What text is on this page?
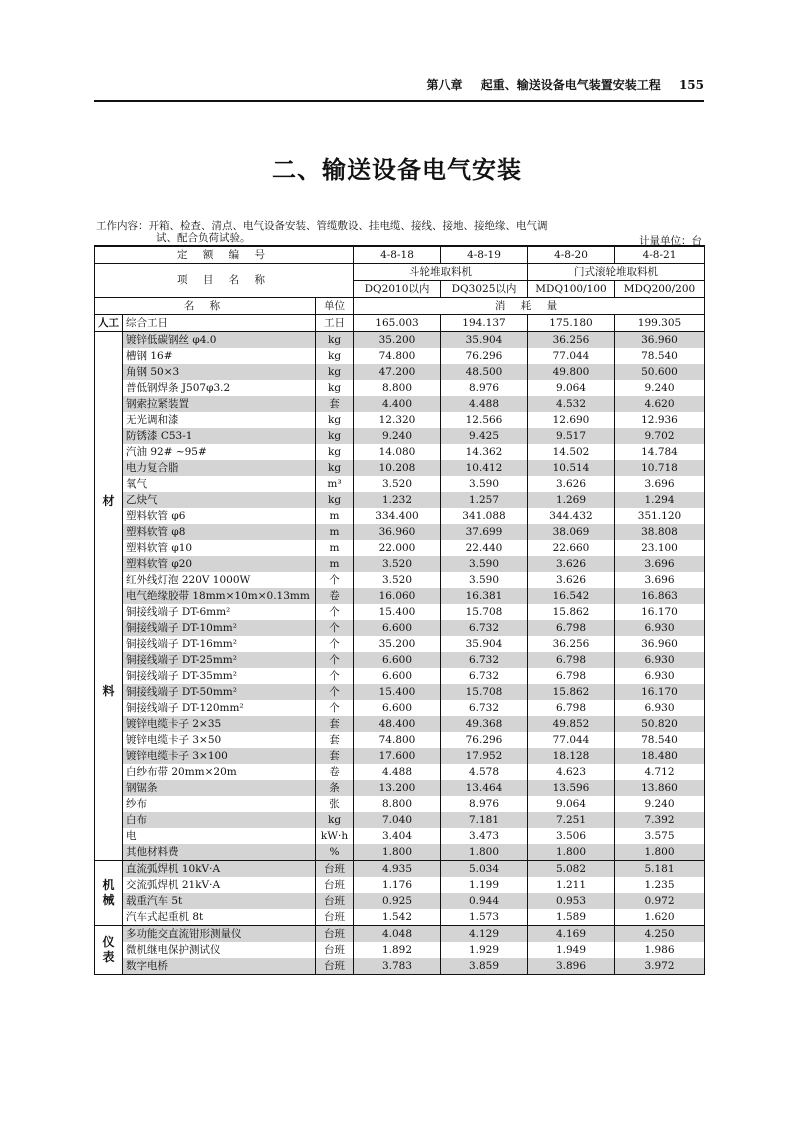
第八章 起重、输送设备电气装置安装工程 155
二、输送设备电气安装
工作内容：开箱、检查、清点、电气设备安装、管缆敷设、挂电缆、接线、接地、接绝缘、电气调
试、配合负荷试验。	计量单位：台
定 额 编 号			4-8-18	4-8-19	4-8-20	4-8-21
项 目 名 称			斗轮堆取料机		门式滚轮堆取料机	
			DQ2010以内	DQ3025以内	MDQ100/100	MDQ200/200
名 称		单位	消 耗 量			
人工	综合工日	工日	165.003	194.137	175.180	199.305

材
料	镀锌低碳钢丝 φ4.0	kg	35.200	35.904	36.256	36.960
	槽钢 16#	kg	74.800	76.296	77.044	78.540
	角钢 50×3	kg	47.200	48.500	49.800	50.600
	普低钢焊条 J507φ3.2	kg	8.800	8.976	9.064	9.240
	钢索拉紧装置	套	4.400	4.488	4.532	4.620
	无光调和漆	kg	12.320	12.566	12.690	12.936
	防锈漆 C53-1	kg	9.240	9.425	9.517	9.702
	汽油 92# ~95#	kg	14.080	14.362	14.502	14.784
	电力复合脂	kg	10.208	10.412	10.514	10.718
	氧气	m³	3.520	3.590	3.626	3.696
	乙炔气	kg	1.232	1.257	1.269	1.294
	塑料软管 φ6	m	334.400	341.088	344.432	351.120
	塑料软管 φ8	m	36.960	37.699	38.069	38.808
	塑料软管 φ10	m	22.000	22.440	22.660	23.100
	塑料软管 φ20	m	3.520	3.590	3.626	3.696
	红外线灯泡 220V 1000W	个	3.520	3.590	3.626	3.696
	电气绝缘胶带 18mm×10m×0.13mm	卷	16.060	16.381	16.542	16.863
	铜接线端子 DT-6mm²	个	15.400	15.708	15.862	16.170
	铜接线端子 DT-10mm²	个	6.600	6.732	6.798	6.930
	铜接线端子 DT-16mm²	个	35.200	35.904	36.256	36.960
	铜接线端子 DT-25mm²	个	6.600	6.732	6.798	6.930
	铜接线端子 DT-35mm²	个	6.600	6.732	6.798	6.930
	铜接线端子 DT-50mm²	个	15.400	15.708	15.862	16.170
	铜接线端子 DT-120mm²	个	6.600	6.732	6.798	6.930
	镀锌电缆卡子 2×35	套	48.400	49.368	49.852	50.820
	镀锌电缆卡子 3×50	套	74.800	76.296	77.044	78.540
	镀锌电缆卡子 3×100	套	17.600	17.952	18.128	18.480
	白纱布带 20mm×20m	卷	4.488	4.578	4.623	4.712
	钢锯条	条	13.200	13.464	13.596	13.860
	纱布	张	8.800	8.976	9.064	9.240
	白布	kg	7.040	7.181	7.251	7.392
	电	kW·h	3.404	3.473	3.506	3.575
	其他材料费	%	1.800	1.800	1.800	1.800

机械	直流弧焊机 10kV·A	台班	4.935	5.034	5.082	5.181
	交流弧焊机 21kV·A	台班	1.176	1.199	1.211	1.235
	载重汽车 5t	台班	0.925	0.944	0.953	0.972
	汽车式起重机 8t	台班	1.542	1.573	1.589	1.620

仪表	多功能交直流钳形测量仪	台班	4.048	4.129	4.169	4.250
	微机继电保护测试仪	台班	1.892	1.929	1.949	1.986
	数字电桥	台班	3.783	3.859	3.896	3.972
